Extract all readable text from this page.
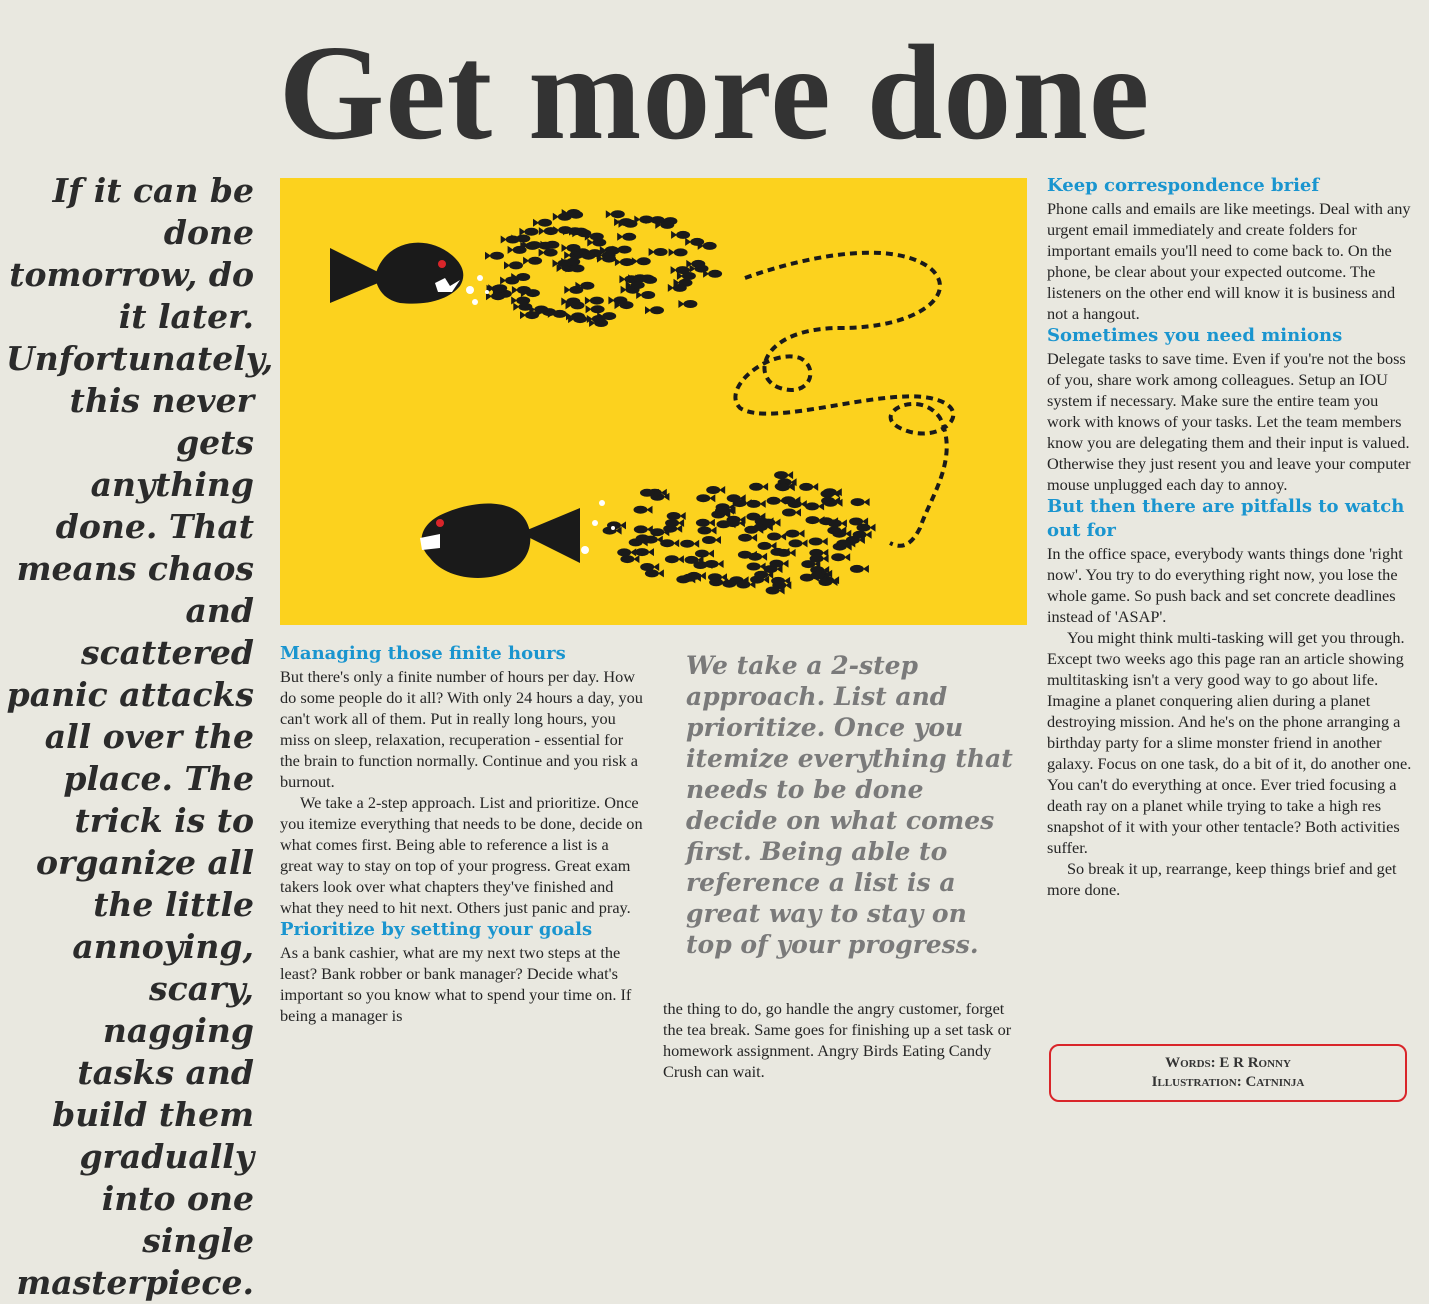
Get more done
If it can be done tomorrow, do it later. Unfortunately, this never gets anything done. That means chaos and scattered panic attacks all over the place. The trick is to organize all the little annoying, scary, nagging tasks and build them gradually into one single masterpiece.
Managing those finite hours

But there's only a finite number of hours per day. How do some people do it all? With only 24 hours a day, you can't work all of them. Put in really long hours, you miss on sleep, relaxation, recuperation - essential for the brain to function normally. Continue and you risk a burnout.

We take a 2-step approach. List and prioritize. Once you itemize everything that needs to be done, decide on what comes first. Being able to reference a list is a great way to stay on top of your progress. Great exam takers look over what chapters they've finished and what they need to hit next. Others just panic and pray.

Prioritize by setting your goals

As a bank cashier, what are my next two steps at the least? Bank robber or bank manager? Decide what's important so you know what to spend your time on. If being a manager is

We take a 2-step approach. List and prioritize. Once you itemize everything that needs to be done decide on what comes first. Being able to reference a list is a great way to stay on top of your progress.

the thing to do, go handle the angry customer, forget the tea break. Same goes for finishing up a set task or homework assignment. Angry Birds Eating Candy Crush can wait.

Keep correspondence brief

Phone calls and emails are like meetings. Deal with any urgent email immediately and create folders for important emails you'll need to come back to. On the phone, be clear about your expected outcome. The listeners on the other end will know it is business and not a hangout.

Sometimes you need minions

Delegate tasks to save time. Even if you're not the boss of you, share work among colleagues. Setup an IOU system if necessary. Make sure the entire team you work with knows of your tasks. Let the team members know you are delegating them and their input is valued. Otherwise they just resent you and leave your computer mouse unplugged each day to annoy.

But then there are pitfalls to watch out for

In the office space, everybody wants things done 'right now'. You try to do everything right now, you lose the whole game. So push back and set concrete deadlines instead of 'ASAP'.

You might think multi-tasking will get you through. Except two weeks ago this page ran an article showing multitasking isn't a very good way to go about life. Imagine a planet conquering alien during a planet destroying mission. And he's on the phone arranging a birthday party for a slime monster friend in another galaxy. Focus on one task, do a bit of it, do another one. You can't do everything at once. Ever tried focusing a death ray on a planet while trying to take a high res snapshot of it with your other tentacle? Both activities suffer.

So break it up, rearrange, keep things brief and get more done.

Words: E R Ronny
Illustration: Catninja
